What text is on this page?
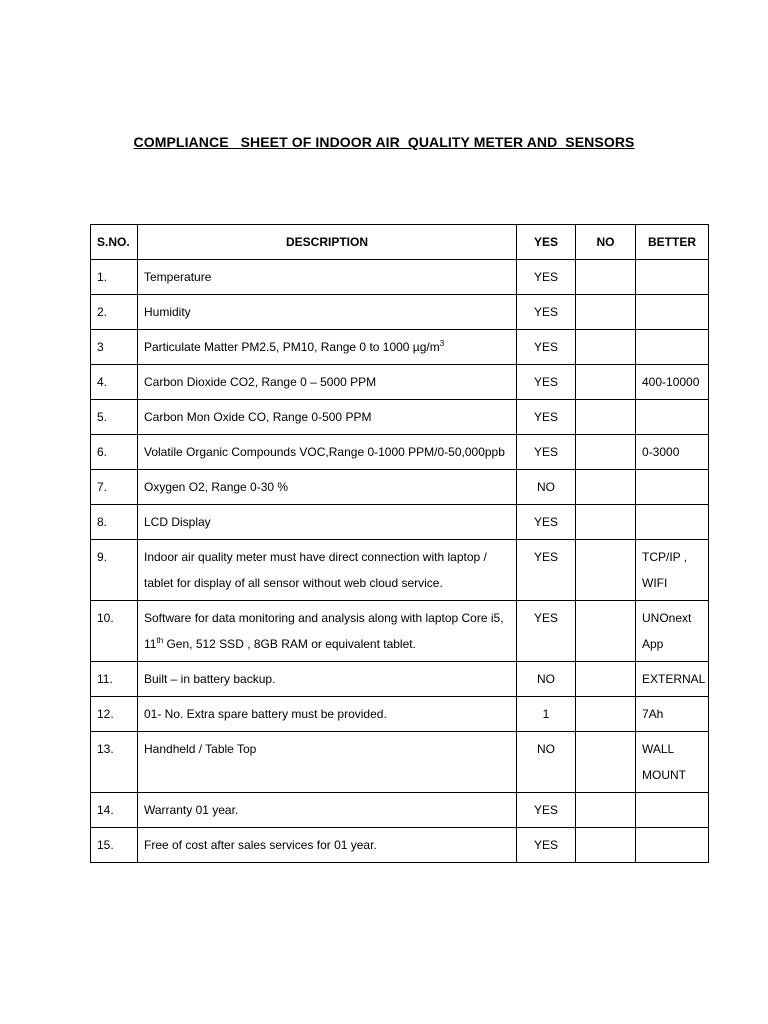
COMPLIANCE   SHEET OF INDOOR AIR  QUALITY METER AND  SENSORS
S.NO.	DESCRIPTION	YES	NO	BETTER
1.	Temperature	YES		
2.	Humidity	YES		
3	Particulate Matter PM2.5, PM10, Range 0 to 1000 $\mu g/m^3$	YES		
4.	Carbon Dioxide CO2, Range 0 – 5000 PPM	YES		400-10000
5.	Carbon Mon Oxide CO, Range 0-500 PPM	YES		
6.	Volatile Organic Compounds VOC,Range 0-1000 PPM/0-50,000ppb	YES		0-3000
7.	Oxygen O2, Range 0-30 %	NO		
8.	LCD Display	YES		
9.	Indoor air quality meter must have direct connection with laptop / tablet for display of all sensor without web cloud service.	YES		TCP/IP , WIFI
10.	Software for data monitoring and analysis along with laptop Core i5, 11th Gen, 512 SSD , 8GB RAM or equivalent tablet.	YES		UNOnext App
11.	Built – in battery backup.	NO		EXTERNAL
12.	01- No. Extra spare battery must be provided.	1		7Ah
13.	Handheld / Table Top	NO		WALL MOUNT
14.	Warranty 01 year.	YES		
15.	Free of cost after sales services for 01 year.	YES		
